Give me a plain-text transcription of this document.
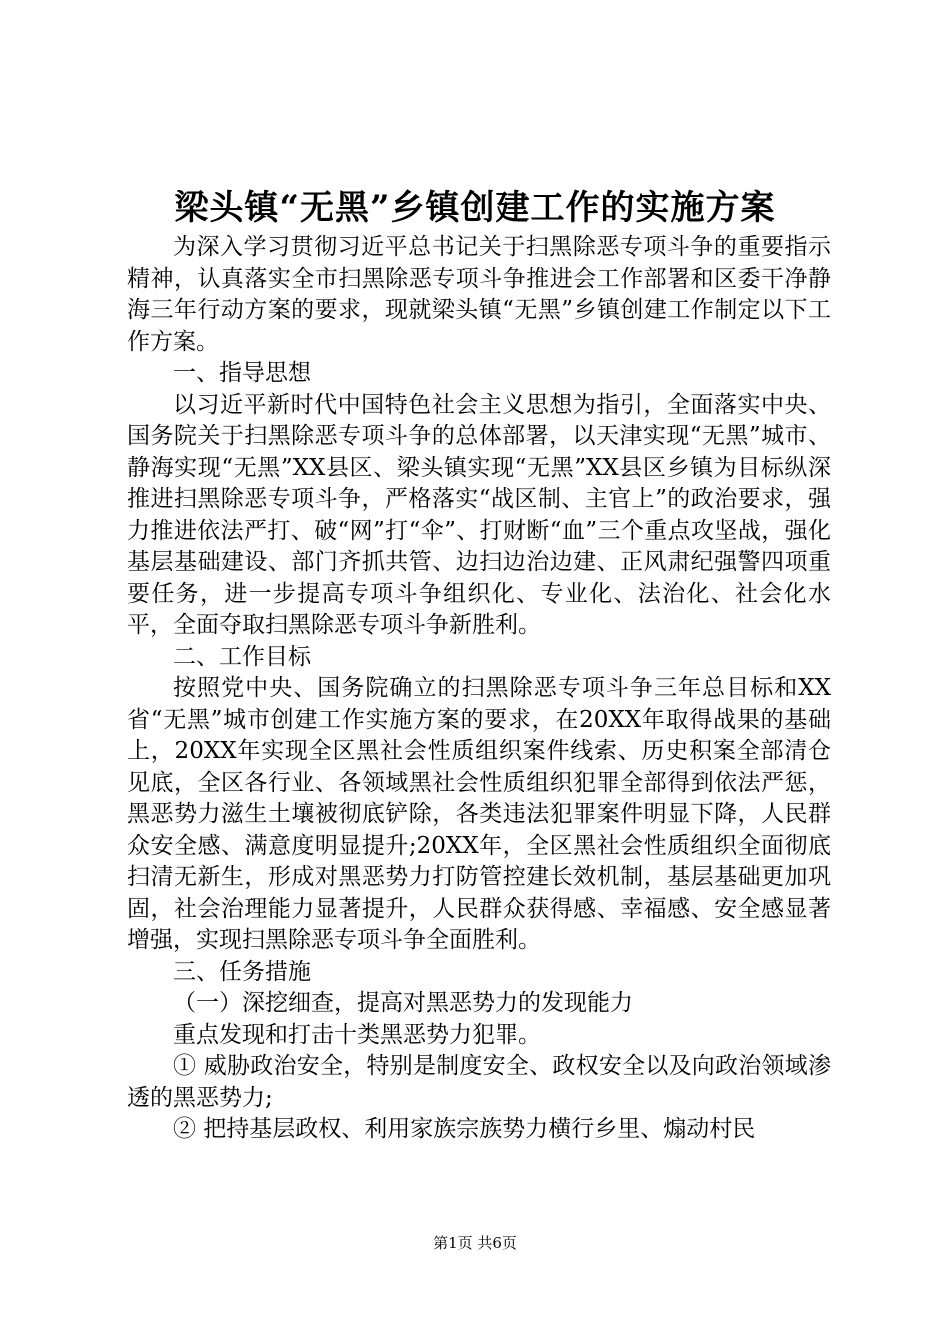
梁头镇“无黑”乡镇创建工作的实施方案

为深入学习贯彻习近平总书记关于扫黑除恶专项斗争的重要指示精神，认真落实全市扫黑除恶专项斗争推进会工作部署和区委干净静海三年行动方案的要求，现就梁头镇“无黑”乡镇创建工作制定以下工作方案。

一、指导思想

以习近平新时代中国特色社会主义思想为指引，全面落实中央、国务院关于扫黑除恶专项斗争的总体部署，以天津实现“无黑”城市、静海实现“无黑”XX县区、梁头镇实现“无黑”XX县区乡镇为目标纵深推进扫黑除恶专项斗争，严格落实“战区制、主官上”的政治要求，强力推进依法严打、破“网”打“伞”、打财断“血”三个重点攻坚战，强化基层基础建设、部门齐抓共管、边扫边治边建、正风肃纪强警四项重要任务，进一步提高专项斗争组织化、专业化、法治化、社会化水平，全面夺取扫黑除恶专项斗争新胜利。

二、工作目标

按照党中央、国务院确立的扫黑除恶专项斗争三年总目标和XX省“无黑”城市创建工作实施方案的要求，在20XX年取得战果的基础上，20XX年实现全区黑社会性质组织案件线索、历史积案全部清仓见底，全区各行业、各领域黑社会性质组织犯罪全部得到依法严惩，黑恶势力滋生土壤被彻底铲除，各类违法犯罪案件明显下降，人民群众安全感、满意度明显提升;20XX年，全区黑社会性质组织全面彻底扫清无新生，形成对黑恶势力打防管控建长效机制，基层基础更加巩固，社会治理能力显著提升，人民群众获得感、幸福感、安全感显著增强，实现扫黑除恶专项斗争全面胜利。

三、任务措施

（一）深挖细查，提高对黑恶势力的发现能力

重点发现和打击十类黑恶势力犯罪。

① 威胁政治安全，特别是制度安全、政权安全以及向政治领域渗透的黑恶势力;

② 把持基层政权、利用家族宗族势力横行乡里、煽动村民

第1页 共6页
